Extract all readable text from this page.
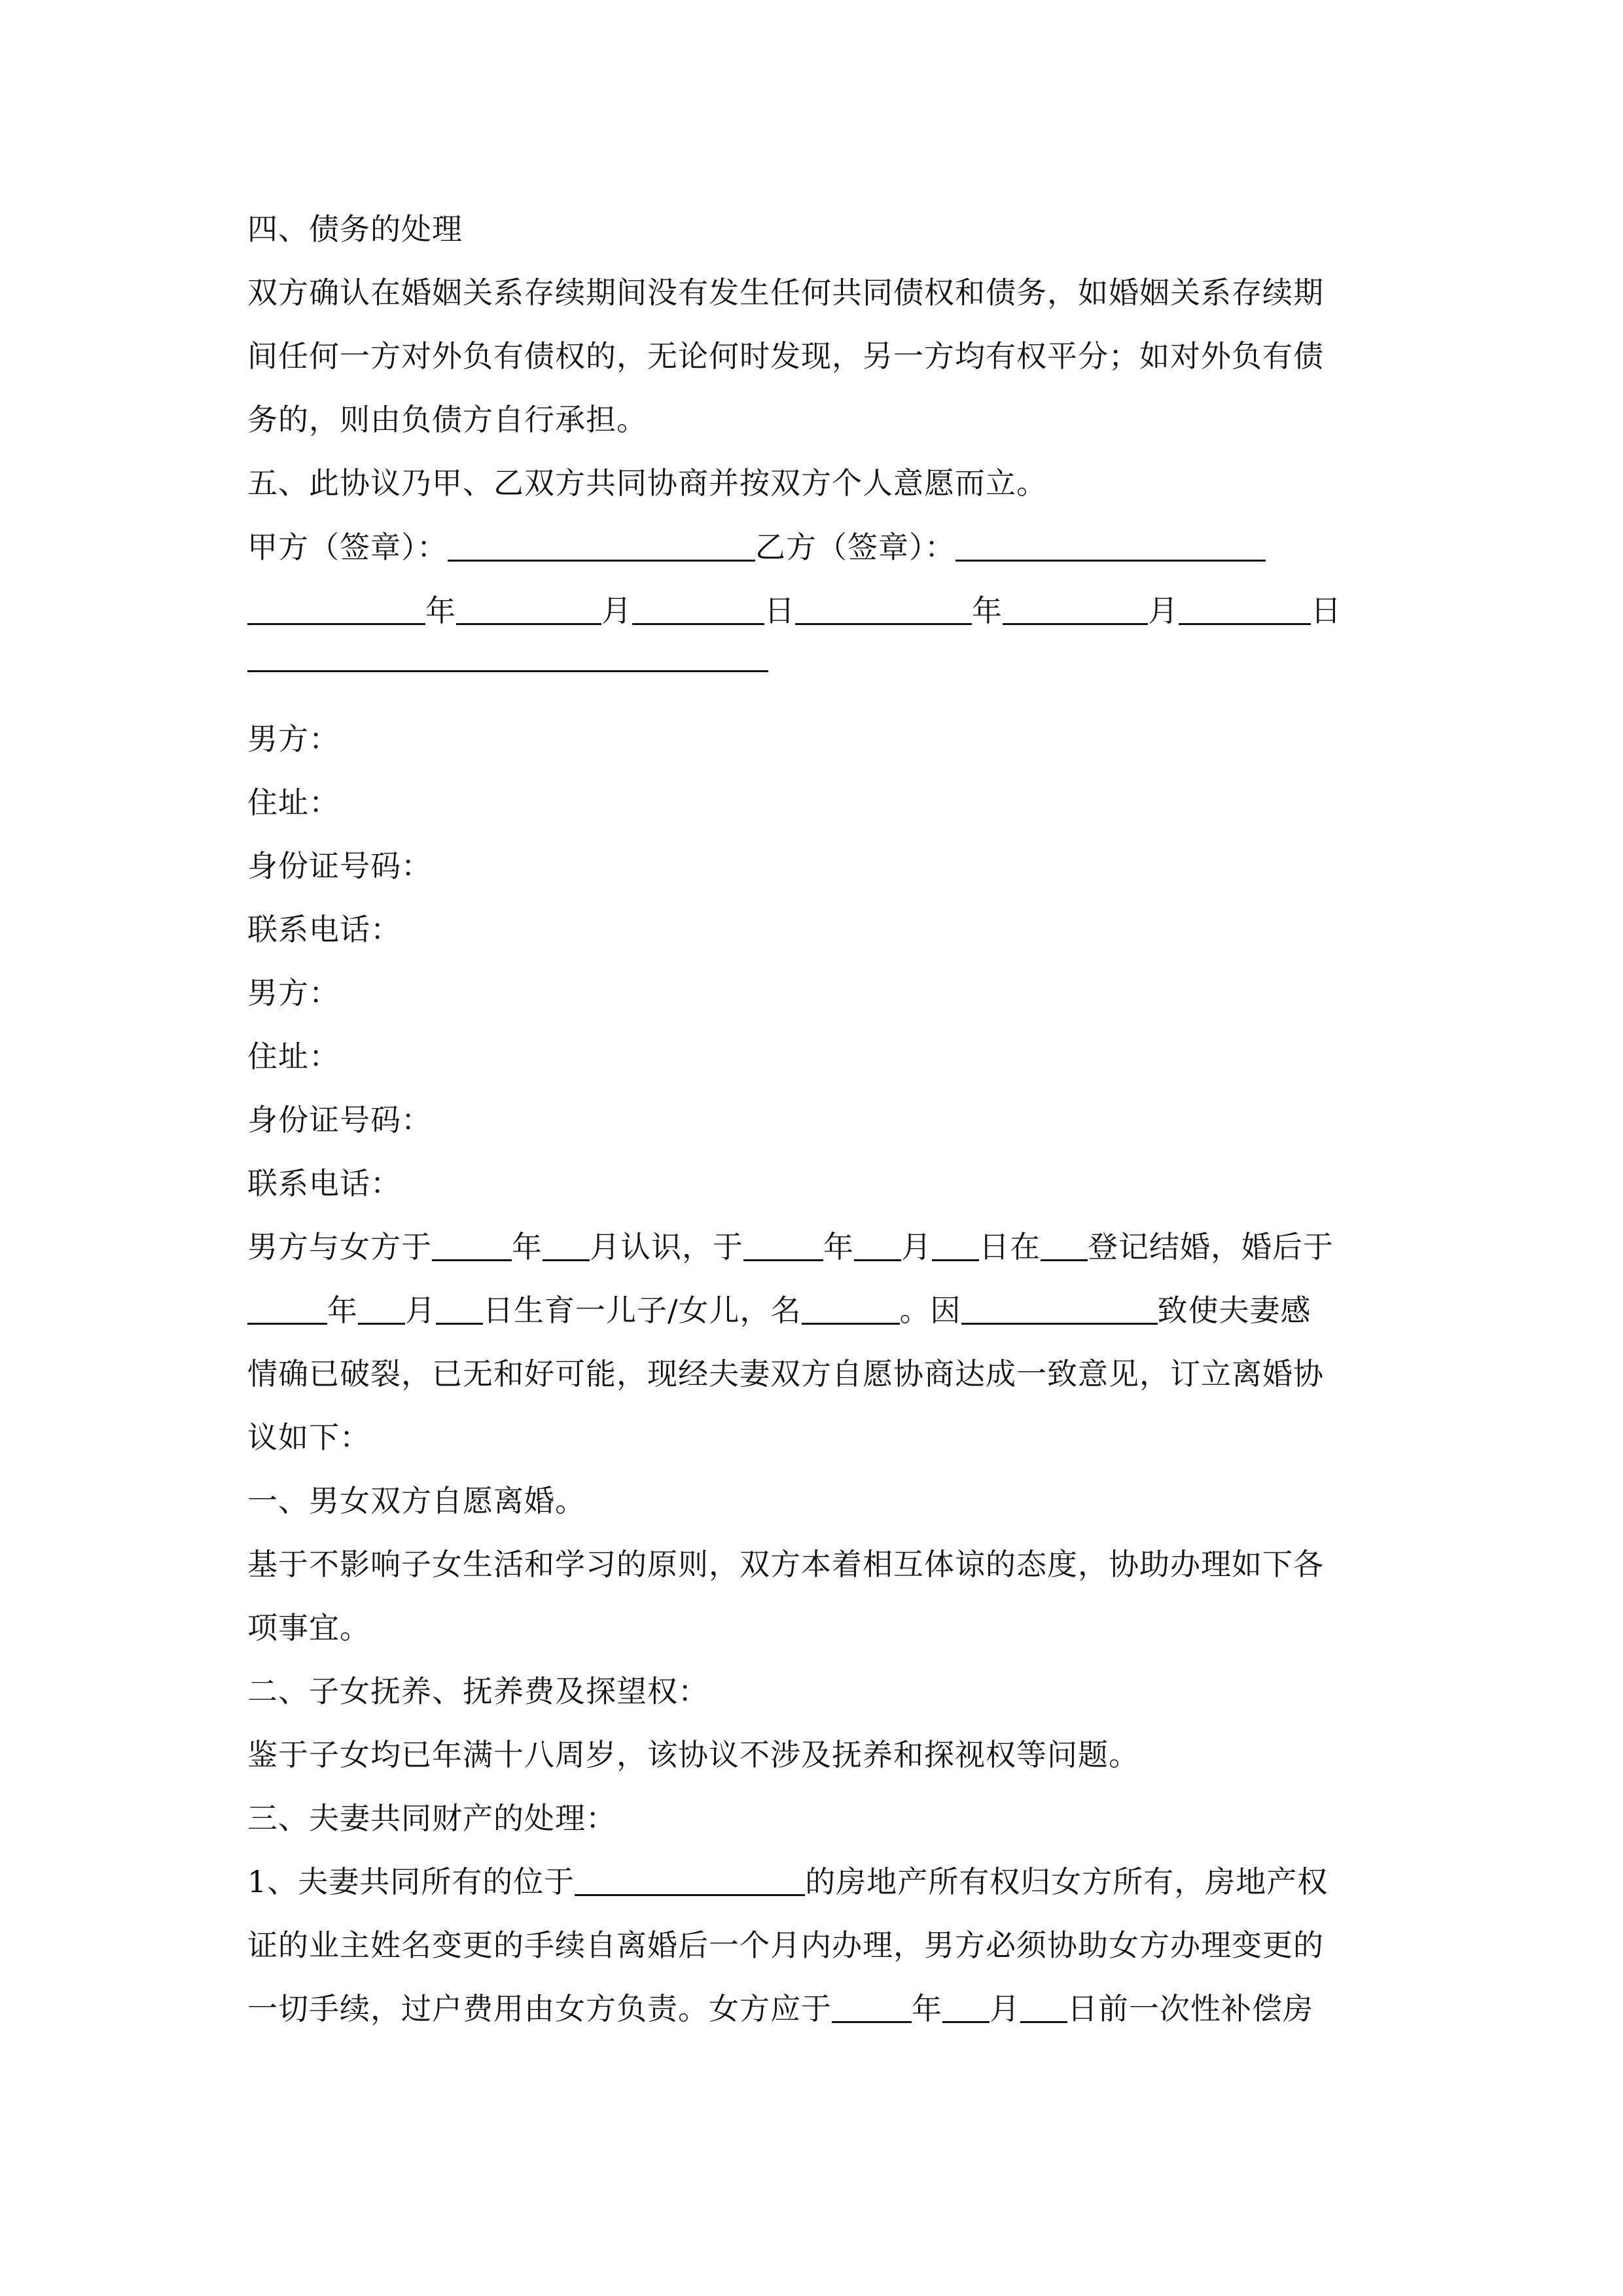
四、债务的处理
双方确认在婚姻关系存续期间没有发生任何共同债权和债务，如婚姻关系存续期
间任何一方对外负有债权的，无论何时发现，另一方均有权平分；如对外负有债
务的，则由负债方自行承担。
五、此协议乃甲、乙双方共同协商并按双方个人意愿而立。
甲方（签章）：	乙方（签章）：
年	月	日	年	月	日
男方：
住址：
身份证号码：
联系电话：
男方：
住址：
身份证号码：
联系电话：
男方与女方于	年 月认识，于	年 月 日在 登记结婚，婚后于
年 月 日生育一儿子/女儿，名	。因	致使夫妻感
情确已破裂，已无和好可能，现经夫妻双方自愿协商达成一致意见，订立离婚协
议如下：
一、男女双方自愿离婚。
基于不影响子女生活和学习的原则，双方本着相互体谅的态度，协助办理如下各
项事宜。
二、子女抚养、抚养费及探望权：
鉴于子女均已年满十八周岁，该协议不涉及抚养和探视权等问题。
三、夫妻共同财产的处理：
1、夫妻共同所有的位于	的房地产所有权归女方所有，房地产权
证的业主姓名变更的手续自离婚后一个月内办理，男方必须协助女方办理变更的
一切手续，过户费用由女方负责。女方应于	年 月 日前一次性补偿房
